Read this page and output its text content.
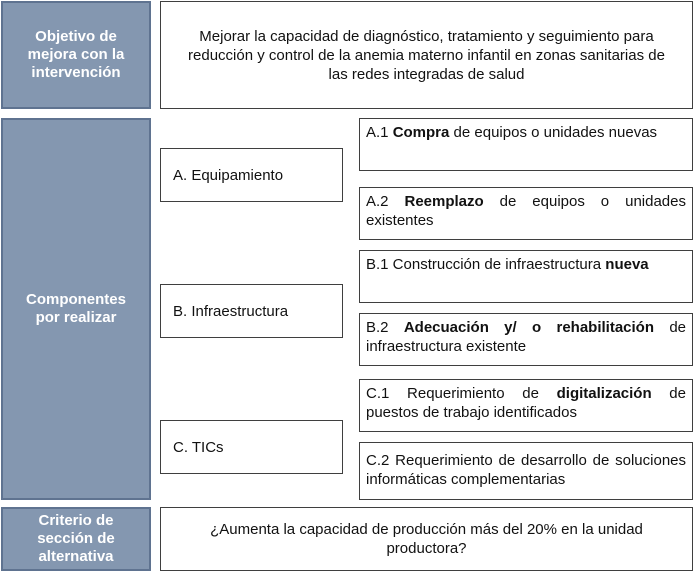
Objetivo de mejora con la intervención
Mejorar la capacidad de diagnóstico, tratamiento y seguimiento para reducción y control de la anemia materno infantil en zonas sanitarias de las redes integradas de salud
Componentes por realizar
A. Equipamiento
A.1 Compra de equipos o unidades nuevas
A.2 Reemplazo de equipos o unidades existentes
B. Infraestructura
B.1 Construcción de infraestructura nueva
B.2 Adecuación y/ o rehabilitación de infraestructura existente
C. TICs
C.1 Requerimiento de digitalización de puestos de trabajo identificados
C.2 Requerimiento de desarrollo de soluciones informáticas complementarias
Criterio de sección de alternativa
¿Aumenta la capacidad de producción más del 20% en la unidad productora?
